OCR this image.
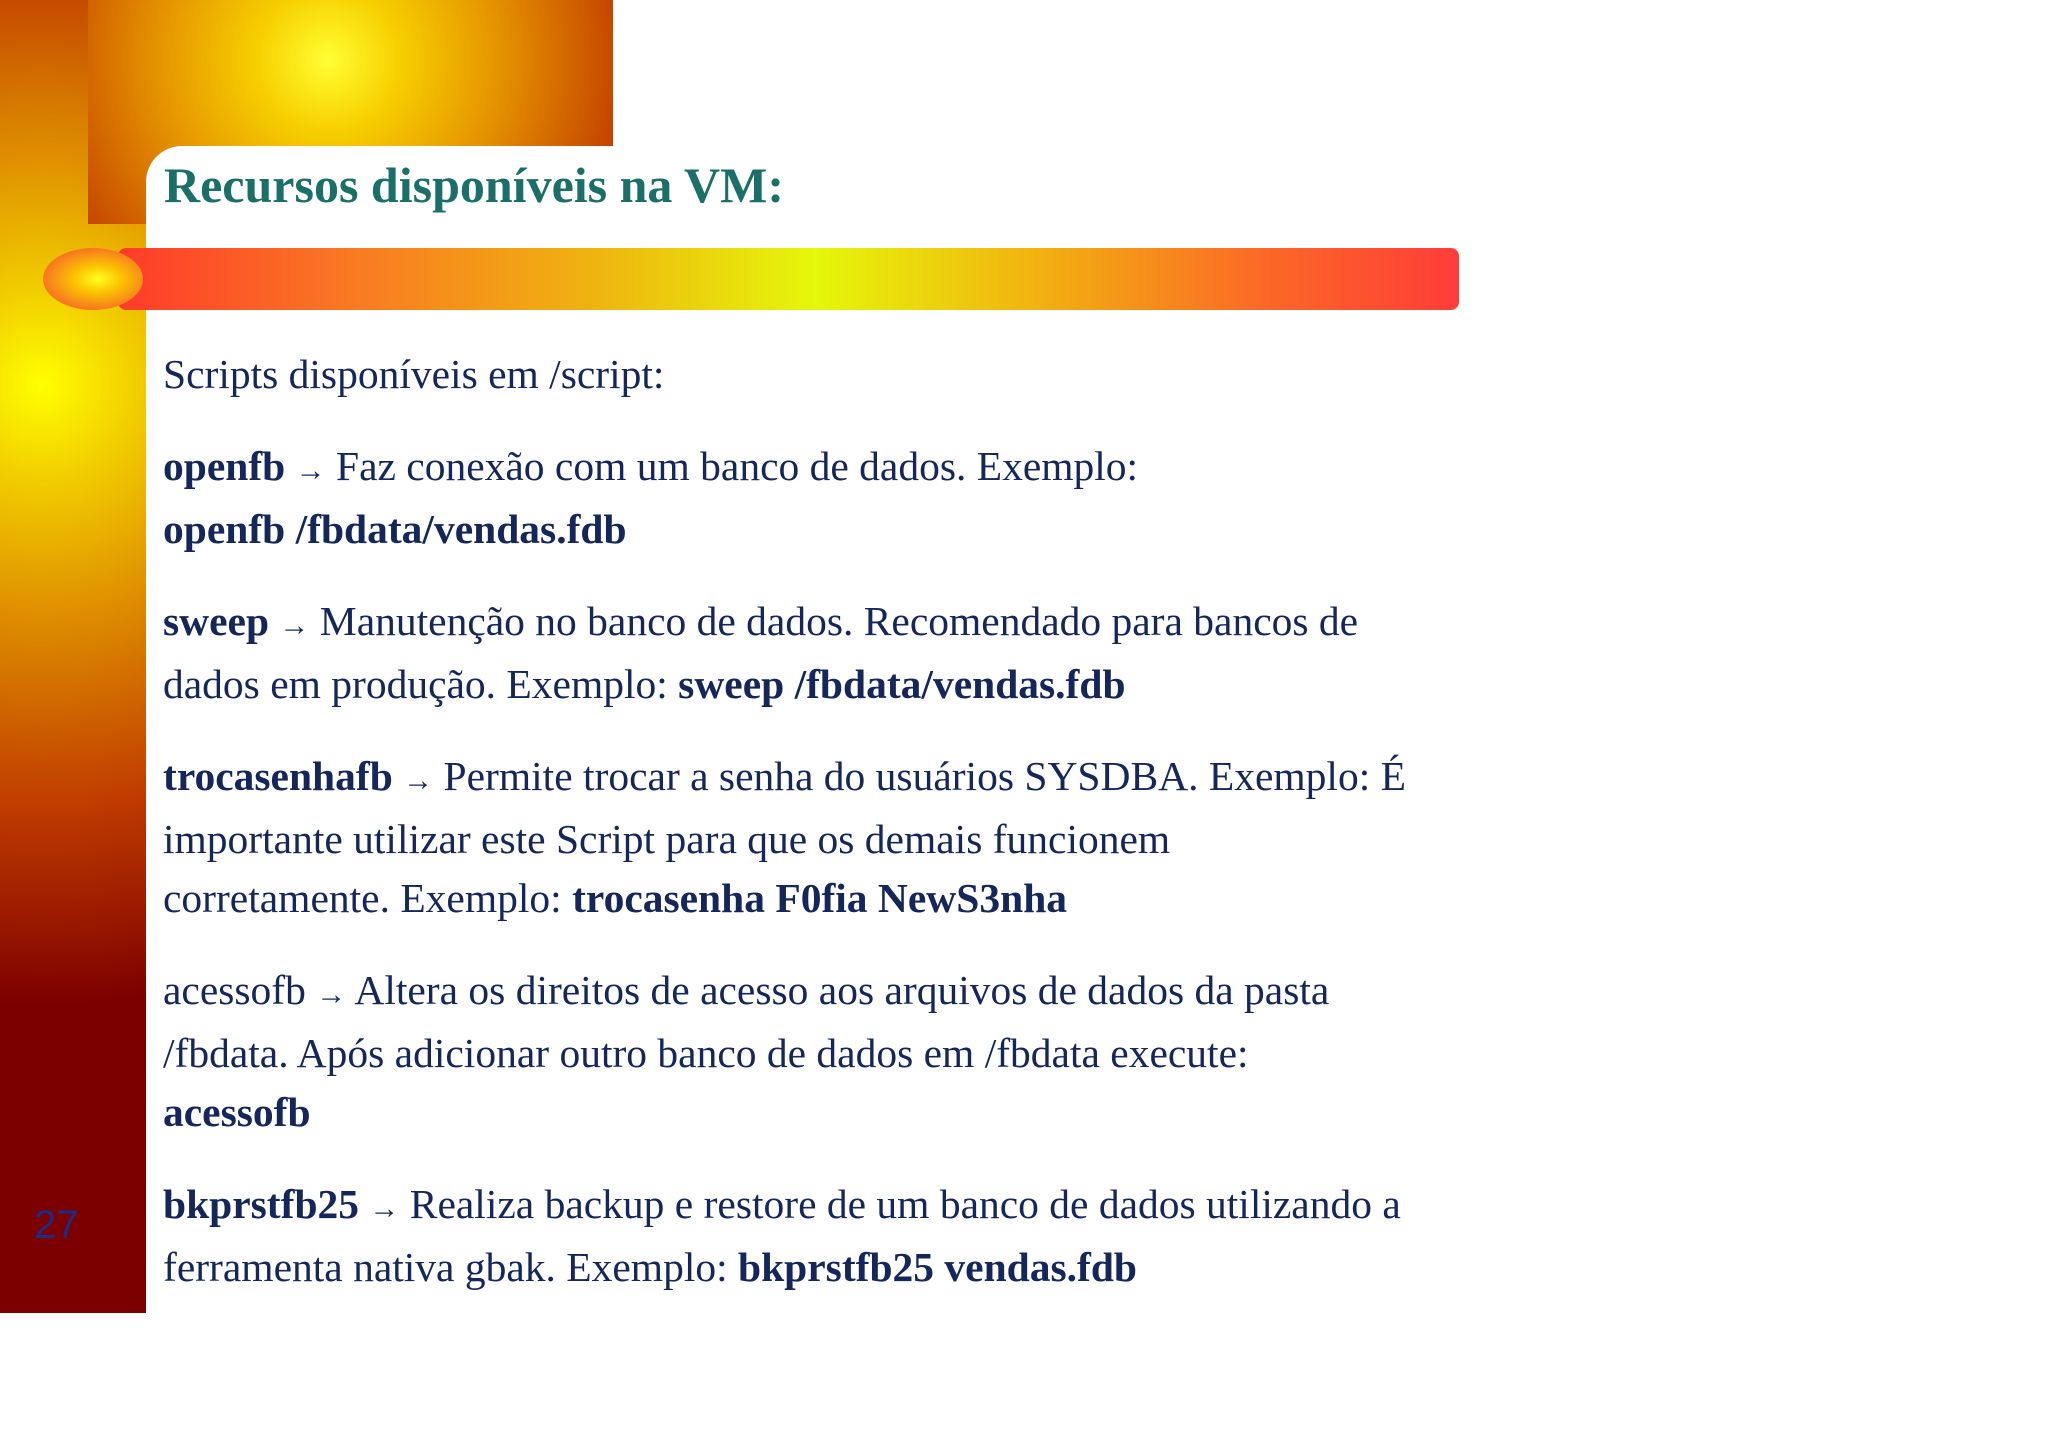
Recursos disponíveis na VM:

Scripts disponíveis em /script:

openfb → Faz conexão com um banco de dados. Exemplo:
openfb /fbdata/vendas.fdb

sweep → Manutenção no banco de dados. Recomendado para bancos de
dados em produção. Exemplo: sweep /fbdata/vendas.fdb

trocasenhafb → Permite trocar a senha do usuários SYSDBA. Exemplo: É
importante utilizar este Script para que os demais funcionem
corretamente. Exemplo: trocasenha F0fia NewS3nha

acessofb → Altera os direitos de acesso aos arquivos de dados da pasta
/fbdata. Após adicionar outro banco de dados em /fbdata execute:
acessofb

bkprstfb25 → Realiza backup e restore de um banco de dados utilizando a
ferramenta nativa gbak. Exemplo: bkprstfb25 vendas.fdb

27
